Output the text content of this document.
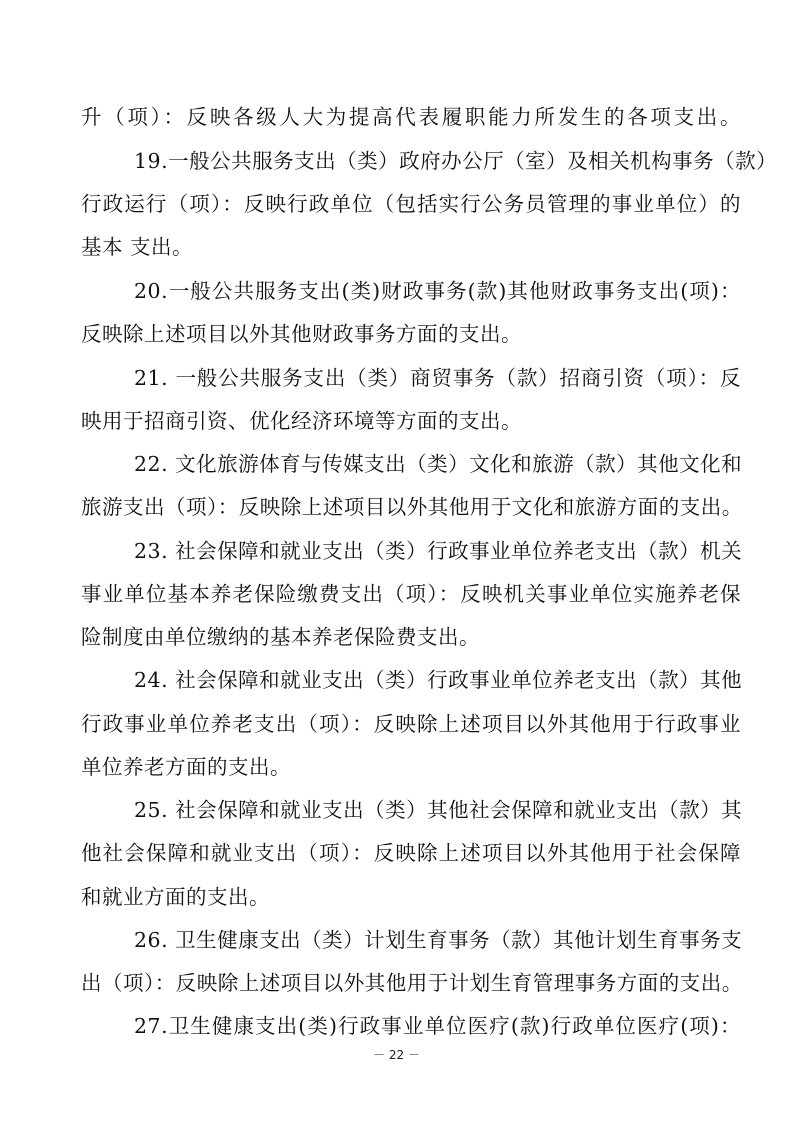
升（项）：反映各级人大为提高代表履职能力所发生的各项支出。
19.一般公共服务支出（类）政府办公厅（室）及相关机构事务（款）
行政运行（项）：反映行政单位（包括实行公务员管理的事业单位）的
基本 支出。
20.一般公共服务支出(类)财政事务(款)其他财政事务支出(项)：
反映除上述项目以外其他财政事务方面的支出。
21. 一般公共服务支出（类）商贸事务（款）招商引资（项）：反
映用于招商引资、优化经济环境等方面的支出。
22. 文化旅游体育与传媒支出（类）文化和旅游（款）其他文化和
旅游支出（项）：反映除上述项目以外其他用于文化和旅游方面的支出。
23. 社会保障和就业支出（类）行政事业单位养老支出（款）机关
事业单位基本养老保险缴费支出（项）：反映机关事业单位实施养老保
险制度由单位缴纳的基本养老保险费支出。
24. 社会保障和就业支出（类）行政事业单位养老支出（款）其他
行政事业单位养老支出（项）：反映除上述项目以外其他用于行政事业
单位养老方面的支出。
25. 社会保障和就业支出（类）其他社会保障和就业支出（款）其
他社会保障和就业支出（项）：反映除上述项目以外其他用于社会保障
和就业方面的支出。
26. 卫生健康支出（类）计划生育事务（款）其他计划生育事务支
出（项）：反映除上述项目以外其他用于计划生育管理事务方面的支出。
27.卫生健康支出(类)行政事业单位医疗(款)行政单位医疗(项)：
－ 22 －
